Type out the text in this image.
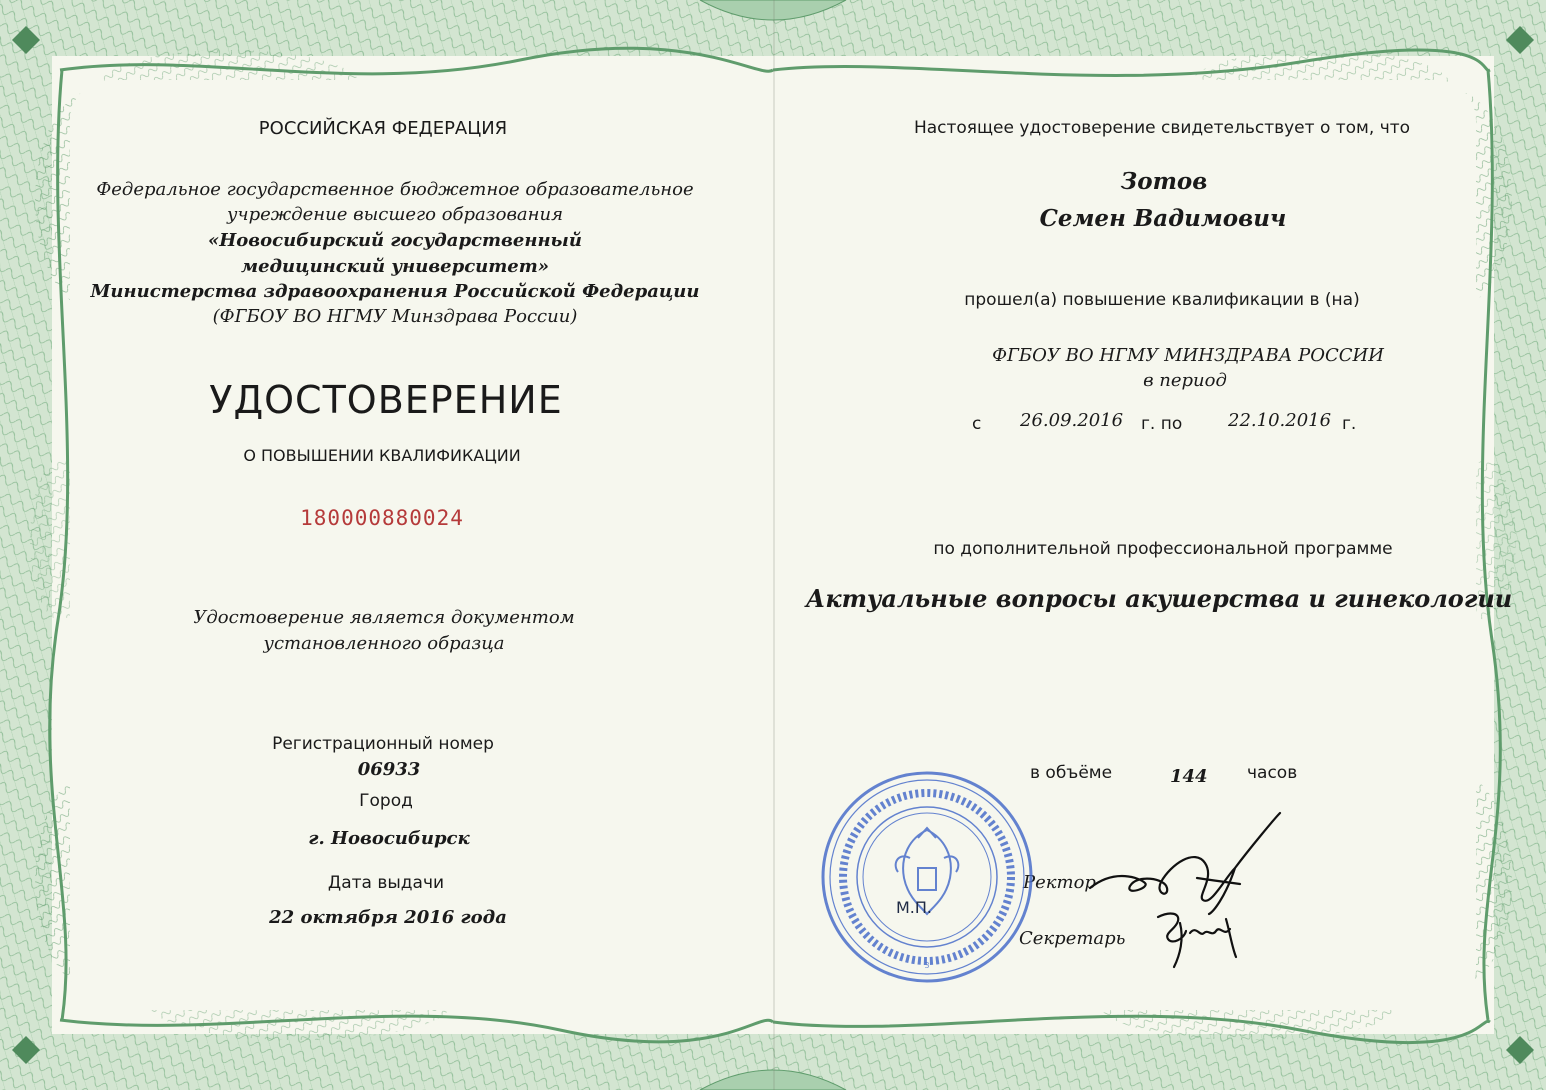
РОССИЙСКАЯ ФЕДЕРАЦИЯ
Федеральное государственное бюджетное образовательное
учреждение высшего образования
«Новосибирский государственный
медицинский университет»
Министерства здравоохранения Российской Федерации
(ФГБОУ ВО НГМУ Минздрава России)
УДОСТОВЕРЕНИЕ
О ПОВЫШЕНИИ КВАЛИФИКАЦИИ
180000880024
Удостоверение является документом
установленного образца
Регистрационный номер
06933
Город
г. Новосибирск
Дата выдачи
22 октября 2016 года
Настоящее удостоверение свидетельствует о том, что
Зотов
Семен Вадимович
прошел(а) повышение квалификации в (на)
ФГБОУ ВО НГМУ МИНЗДРАВА РОССИИ
в период
с 26.09.2016 г. по	22.10.2016 г.
по дополнительной профессиональной программе
Актуальные вопросы акушерства и гинекологии
в объёме	144 часов
Ректор
Секретарь
3
М.П.
